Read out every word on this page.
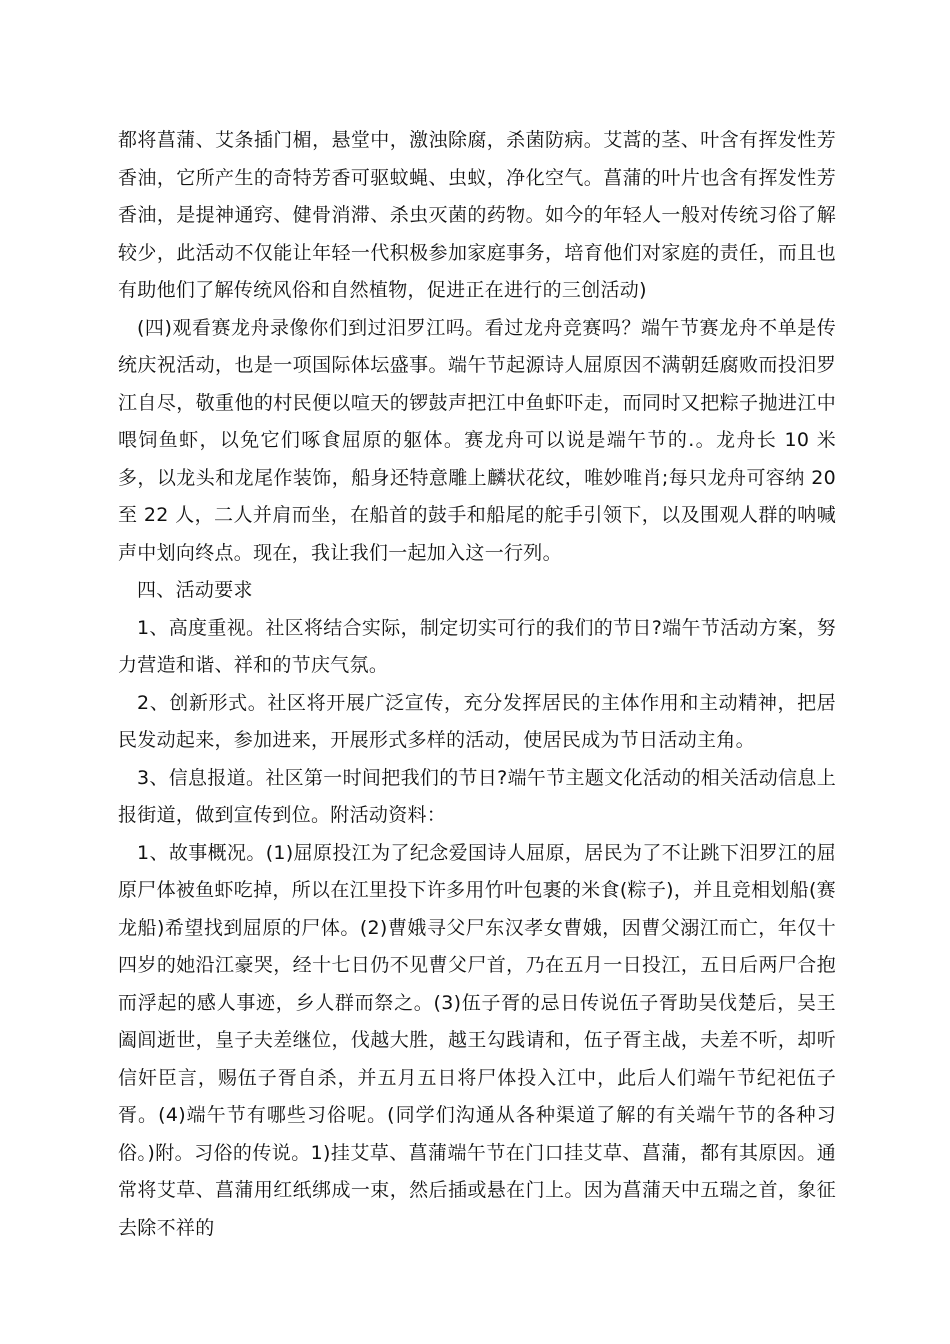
都将菖蒲、艾条插门楣，悬堂中，激浊除腐，杀菌防病。艾蒿的茎、叶含有挥发性芳香油，它所产生的奇特芳香可驱蚊蝇、虫蚁，净化空气。菖蒲的叶片也含有挥发性芳香油，是提神通窍、健骨消滞、杀虫灭菌的药物。如今的年轻人一般对传统习俗了解较少，此活动不仅能让年轻一代积极参加家庭事务，培育他们对家庭的责任，而且也有助他们了解传统风俗和自然植物，促进正在进行的三创活动)

(四)观看赛龙舟录像你们到过汨罗江吗。看过龙舟竞赛吗？端午节赛龙舟不单是传统庆祝活动，也是一项国际体坛盛事。端午节起源诗人屈原因不满朝廷腐败而投汨罗江自尽，敬重他的村民便以喧天的锣鼓声把江中鱼虾吓走，而同时又把粽子抛进江中喂饲鱼虾，以免它们啄食屈原的躯体。赛龙舟可以说是端午节的.。龙舟长 10 米多，以龙头和龙尾作装饰，船身还特意雕上麟状花纹，唯妙唯肖;每只龙舟可容纳 20 至 22 人，二人并肩而坐，在船首的鼓手和船尾的舵手引领下，以及围观人群的呐喊声中划向终点。现在，我让我们一起加入这一行列。

四、活动要求

1、高度重视。社区将结合实际，制定切实可行的我们的节日?端午节活动方案，努力营造和谐、祥和的节庆气氛。

2、创新形式。社区将开展广泛宣传，充分发挥居民的主体作用和主动精神，把居民发动起来，参加进来，开展形式多样的活动，使居民成为节日活动主角。

3、信息报道。社区第一时间把我们的节日?端午节主题文化活动的相关活动信息上报街道，做到宣传到位。附活动资料：

1、故事概况。(1)屈原投江为了纪念爱国诗人屈原，居民为了不让跳下汨罗江的屈原尸体被鱼虾吃掉，所以在江里投下许多用竹叶包裹的米食(粽子)，并且竞相划船(赛龙船)希望找到屈原的尸体。(2)曹娥寻父尸东汉孝女曹娥，因曹父溺江而亡，年仅十四岁的她沿江豪哭，经十七日仍不见曹父尸首，乃在五月一日投江，五日后两尸合抱而浮起的感人事迹，乡人群而祭之。(3)伍子胥的忌日传说伍子胥助吴伐楚后，吴王阖闾逝世，皇子夫差继位，伐越大胜，越王勾践请和，伍子胥主战，夫差不听，却听信奸臣言，赐伍子胥自杀，并五月五日将尸体投入江中，此后人们端午节纪祀伍子胥。(4)端午节有哪些习俗呢。(同学们沟通从各种渠道了解的有关端午节的各种习俗。)附。习俗的传说。1)挂艾草、菖蒲端午节在门口挂艾草、菖蒲，都有其原因。通常将艾草、菖蒲用红纸绑成一束，然后插或悬在门上。因为菖蒲天中五瑞之首，象征去除不祥的
